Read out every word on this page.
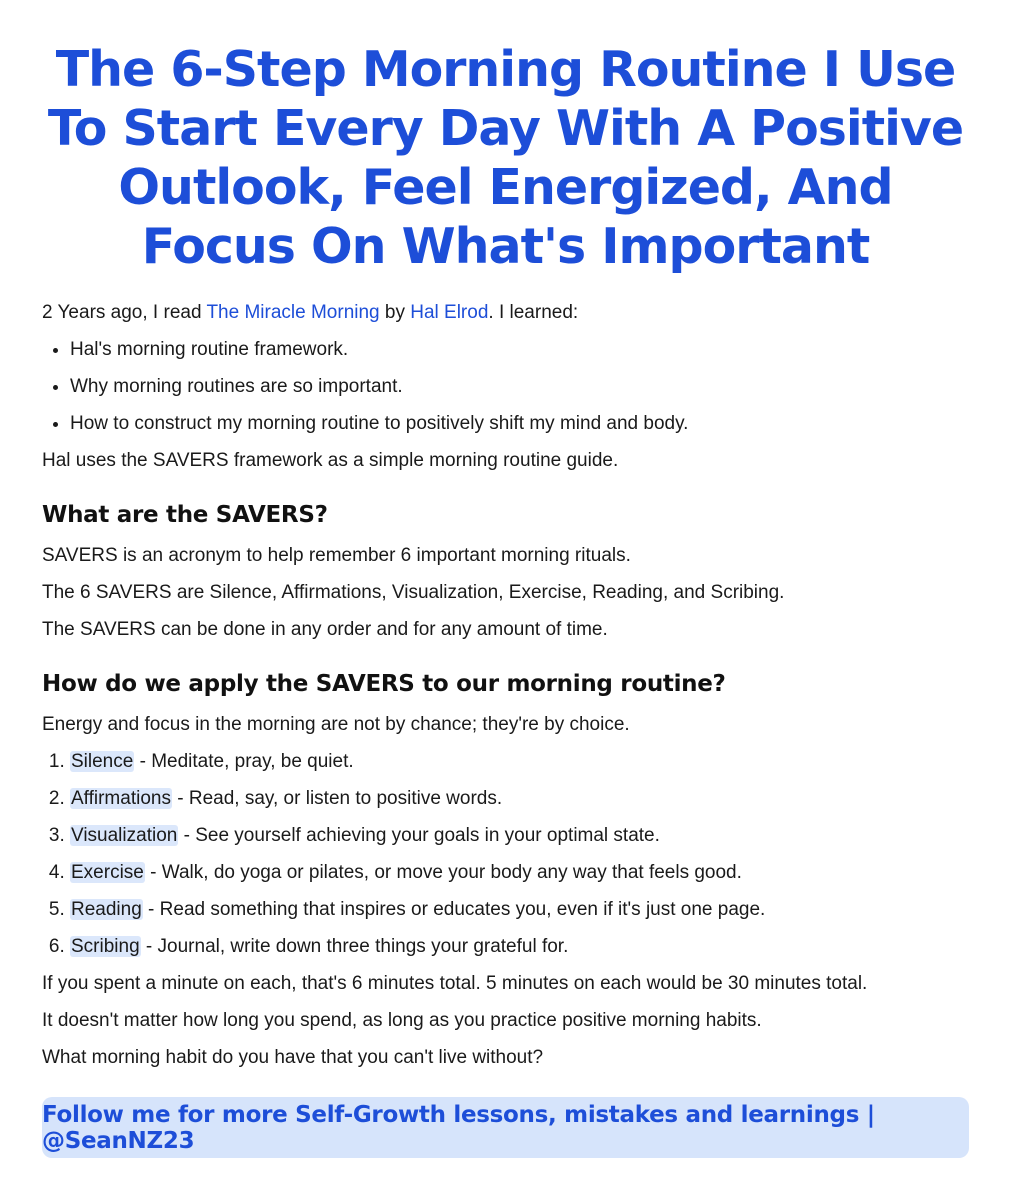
The 6-Step Morning Routine I Use To Start Every Day With A Positive Outlook, Feel Energized, And Focus On What's Important

2 Years ago, I read The Miracle Morning by Hal Elrod. I learned:

• Hal's morning routine framework.
• Why morning routines are so important.
• How to construct my morning routine to positively shift my mind and body.

Hal uses the SAVERS framework as a simple morning routine guide.

What are the SAVERS?

SAVERS is an acronym to help remember 6 important morning rituals.

The 6 SAVERS are Silence, Affirmations, Visualization, Exercise, Reading, and Scribing.

The SAVERS can be done in any order and for any amount of time.

How do we apply the SAVERS to our morning routine?

Energy and focus in the morning are not by chance; they're by choice.

1. Silence - Meditate, pray, be quiet.
2. Affirmations - Read, say, or listen to positive words.
3. Visualization - See yourself achieving your goals in your optimal state.
4. Exercise - Walk, do yoga or pilates, or move your body any way that feels good.
5. Reading - Read something that inspires or educates you, even if it's just one page.
6. Scribing - Journal, write down three things your grateful for.

If you spent a minute on each, that's 6 minutes total. 5 minutes on each would be 30 minutes total.

It doesn't matter how long you spend, as long as you practice positive morning habits.

What morning habit do you have that you can't live without?

Follow me for more Self-Growth lessons, mistakes and learnings | @SeanNZ23
